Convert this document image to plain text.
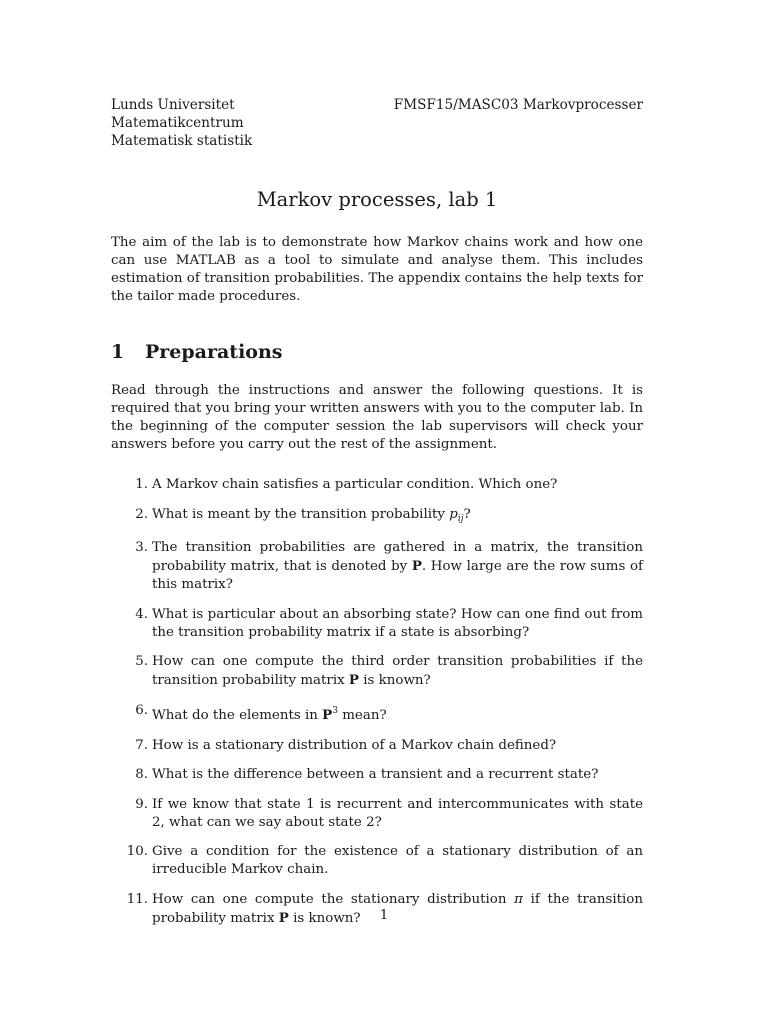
Lunds Universitet
Matematikcentrum
Matematisk statistik
FMSF15/MASC03 Markovprocesser
Markov processes, lab 1

The aim of the lab is to demonstrate how Markov chains work and how one can use MATLAB as a tool to simulate and analyse them. This includes estimation of transition probabilities. The appendix contains the help texts for the tailor made procedures.

1	Preparations

Read through the instructions and answer the following questions. It is required that you bring your written answers with you to the computer lab. In the beginning of the computer session the lab supervisors will check your answers before you carry out the rest of the assignment.

1. A Markov chain satisfies a particular condition. Which one?
2. What is meant by the transition probability $p_{ij}$?
3. The transition probabilities are gathered in a matrix, the transition probability matrix, that is denoted by P. How large are the row sums of this matrix?
4. What is particular about an absorbing state? How can one find out from the transition probability matrix if a state is absorbing?
5. How can one compute the third order transition probabilities if the transition probability matrix P is known?
6. What do the elements in $P^3$ mean?
7. How is a stationary distribution of a Markov chain defined?
8. What is the difference between a transient and a recurrent state?
9. If we know that state 1 is recurrent and intercommunicates with state 2, what can we say about state 2?
10. Give a condition for the existence of a stationary distribution of an irreducible Markov chain.
11. How can one compute the stationary distribution π if the transition probability matrix P is known?	1
